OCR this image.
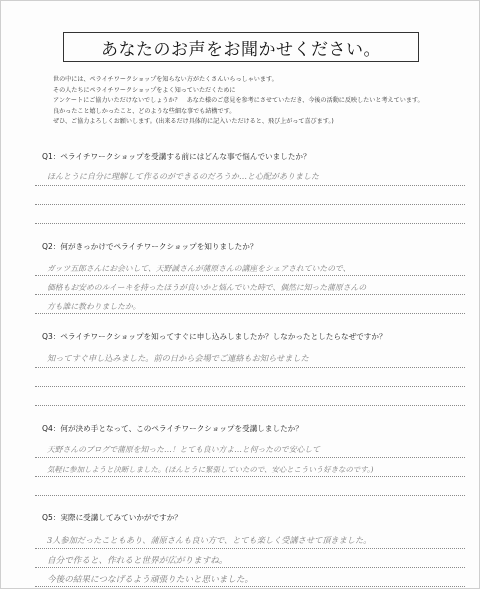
あなたのお声をお聞かせください。
世の中には、ペライチワークショップを知らない方がたくさんいらっしゃいます。
その人たちにペライチワークショップをよく知っていただくために
アンケートにご協力いただけないでしょうか？　あなた様のご意見を参考にさせていただき、今後の活動に反映したいと考えています。
良かったこと嬉しかったこと、どのような些細な事でも結構です。
ぜひ、ご協力よろしくお願いします。(出来るだけ具体的に記入いただけると、飛び上がって喜びます。)
Q1：ペライチワークショップを受講する前にはどんな事で悩んでいましたか？
ほんとうに自分に理解して作るのができるのだろうか…と心配がありました
Q2：何がきっかけでペライチワークショップを知りましたか？
ガッツ五郎さんにお会いして、天野誠さんが蒲原さんの講座をシェアされていたので、
価格もお安めのルイーキを持ったほうが良いかと悩んでいた時で、偶然に知った蒲原さんの
方も誰に教わりましたか。
Q3：ペライチワークショップを知ってすぐに申し込みしましたか？しなかったとしたらなぜですか？
知ってすぐ申し込みました。前の日から会場でご連絡もお知らせました
Q4：何が決め手となって、このペライチワークショップを受講しましたか？
天野さんのブログで蒲原を知った…！とても良い方よ…と何ったので安心して
気軽に参加しようと決断しました。(ほんとうに緊張していたので、安心とこういう好きなのです。)
Q5：実際に受講してみていかがですか？
3人参加だったこともあり、蒲原さんも良い方で、とても楽しく受講させて頂きました。
自分で作ると、作れると世界が広がりますね。
今後の結果につなげるよう頑張りたいと思いました。
